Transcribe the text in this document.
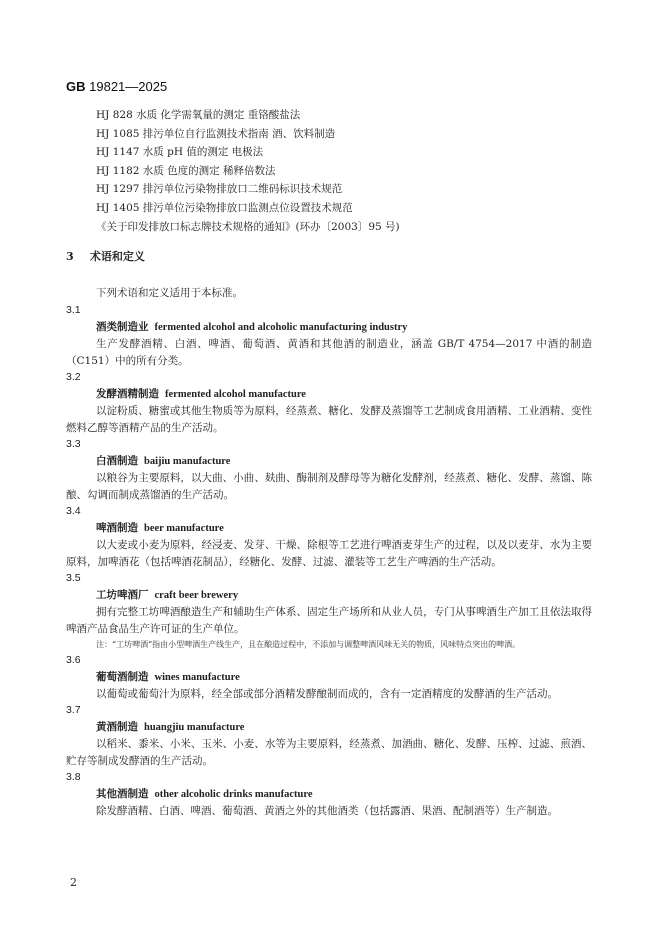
GB 19821—2025
HJ 828 水质 化学需氧量的测定 重铬酸盐法
HJ 1085 排污单位自行监测技术指南 酒、饮料制造
HJ 1147 水质 pH 值的测定 电极法
HJ 1182 水质 色度的测定 稀释倍数法
HJ 1297 排污单位污染物排放口二维码标识技术规范
HJ 1405 排污单位污染物排放口监测点位设置技术规范
《关于印发排放口标志牌技术规格的通知》(环办〔2003〕95 号)
3 术语和定义
下列术语和定义适用于本标准。
3.1
酒类制造业 fermented alcohol and alcoholic manufacturing industry
生产发酵酒精、白酒、啤酒、葡萄酒、黄酒和其他酒的制造业，涵盖 GB/T 4754—2017 中酒的制造（C151）中的所有分类。
3.2
发酵酒精制造 fermented alcohol manufacture
以淀粉质、糖蜜或其他生物质等为原料，经蒸煮、糖化、发酵及蒸馏等工艺制成食用酒精、工业酒精、变性燃料乙醇等酒精产品的生产活动。
3.3
白酒制造 baijiu manufacture
以粮谷为主要原料，以大曲、小曲、麸曲、酶制剂及酵母等为糖化发酵剂，经蒸煮、糖化、发酵、蒸馏、陈酿、勾调而制成蒸馏酒的生产活动。
3.4
啤酒制造 beer manufacture
以大麦或小麦为原料，经浸麦、发芽、干燥、除根等工艺进行啤酒麦芽生产的过程，以及以麦芽、水为主要原料，加啤酒花（包括啤酒花制品），经糖化、发酵、过滤、灌装等工艺生产啤酒的生产活动。
3.5
工坊啤酒厂 craft beer brewery
拥有完整工坊啤酒酿造生产和辅助生产体系、固定生产场所和从业人员，专门从事啤酒生产加工且依法取得啤酒产品食品生产许可证的生产单位。
注：“工坊啤酒”指由小型啤酒生产线生产，且在酿造过程中，不添加与调整啤酒风味无关的物质，风味特点突出的啤酒。
3.6
葡萄酒制造 wines manufacture
以葡萄或葡萄汁为原料，经全部或部分酒精发酵酿制而成的，含有一定酒精度的发酵酒的生产活动。
3.7
黄酒制造 huangjiu manufacture
以稻米、黍米、小米、玉米、小麦、水等为主要原料，经蒸煮、加酒曲、糖化、发酵、压榨、过滤、煎酒、贮存等制成发酵酒的生产活动。
3.8
其他酒制造 other alcoholic drinks manufacture
除发酵酒精、白酒、啤酒、葡萄酒、黄酒之外的其他酒类（包括露酒、果酒、配制酒等）生产制造。
2
